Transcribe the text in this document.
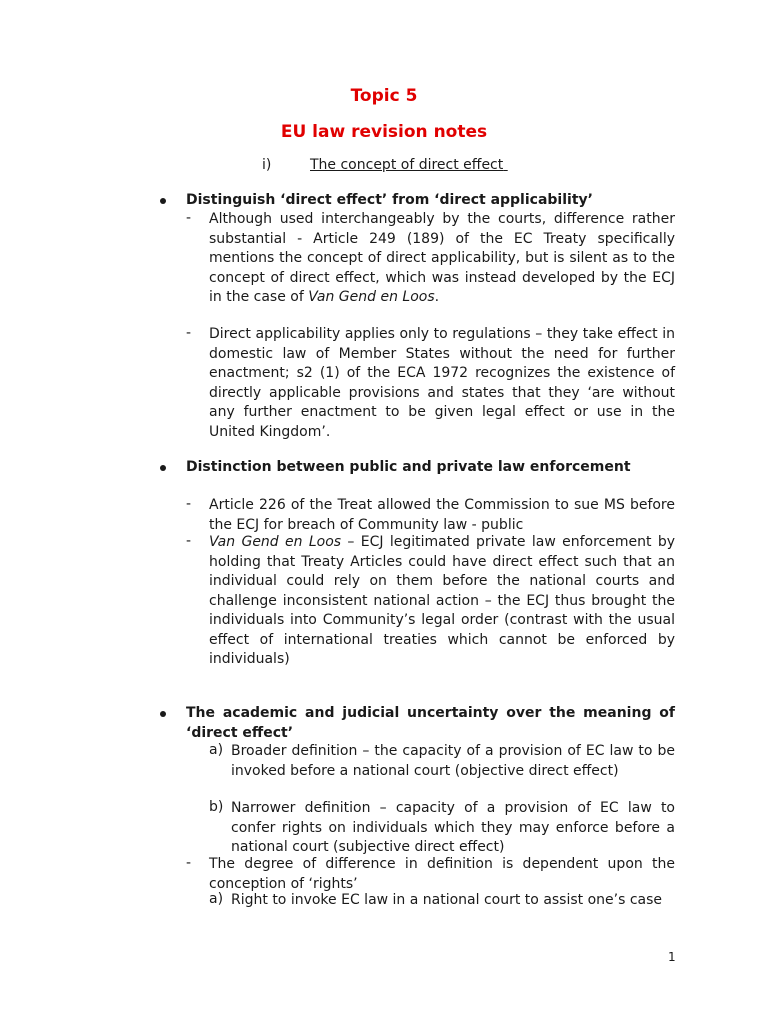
Topic 5
EU law revision notes
i)	The concept of direct effect
Distinguish ‘direct effect’ from ‘direct applicability’
- Although used interchangeably by the courts, difference rather substantial - Article 249 (189) of the EC Treaty specifically mentions the concept of direct applicability, but is silent as to the concept of direct effect, which was instead developed by the ECJ in the case of Van Gend en Loos.
- Direct applicability applies only to regulations – they take effect in domestic law of Member States without the need for further enactment; s2 (1) of the ECA 1972 recognizes the existence of directly applicable provisions and states that they ‘are without any further enactment to be given legal effect or use in the United Kingdom’.
Distinction between public and private law enforcement
- Article 226 of the Treat allowed the Commission to sue MS before the ECJ for breach of Community law - public
- Van Gend en Loos – ECJ legitimated private law enforcement by holding that Treaty Articles could have direct effect such that an individual could rely on them before the national courts and challenge inconsistent national action – the ECJ thus brought the individuals into Community’s legal order (contrast with the usual effect of international treaties which cannot be enforced by individuals)
The academic and judicial uncertainty over the meaning of ‘direct effect’
a) Broader definition – the capacity of a provision of EC law to be invoked before a national court (objective direct effect)
b) Narrower definition – capacity of a provision of EC law to confer rights on individuals which they may enforce before a national court (subjective direct effect)
- The degree of difference in definition is dependent upon the conception of ‘rights’
a) Right to invoke EC law in a national court to assist one’s case
1
